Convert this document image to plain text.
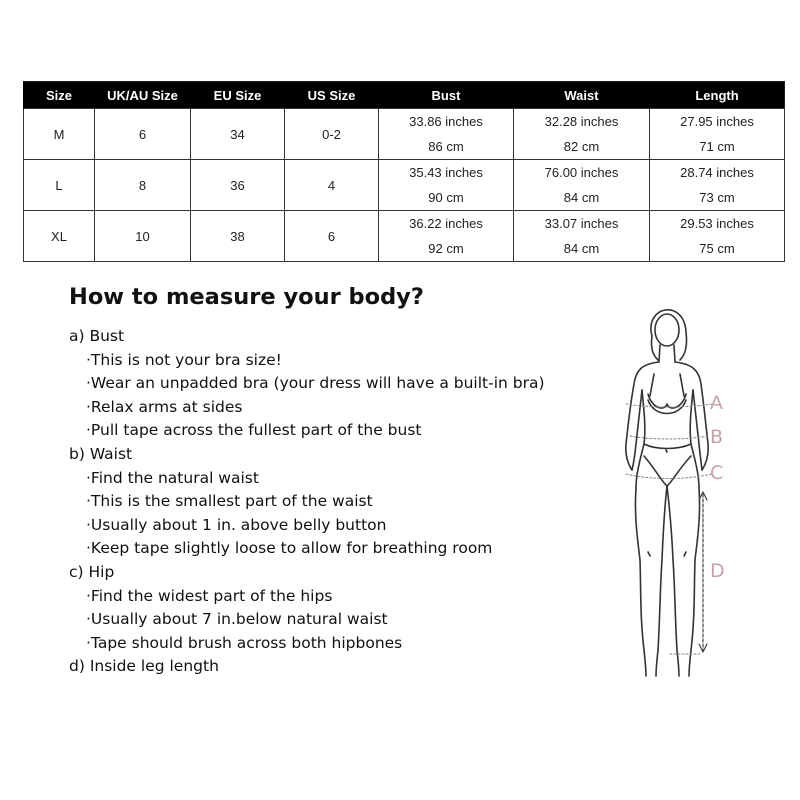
Size	UK/AU Size	EU Size	US Size	Bust	Waist	Length
M	6	34	0-2	33.86 inches	32.28 inches	27.95 inches
				86 cm	82 cm	71 cm
L	8	36	4	35.43 inches	76.00 inches	28.74 inches
				90 cm	84 cm	73 cm
XL	10	38	6	36.22 inches	33.07 inches	29.53 inches
				92 cm	84 cm	75 cm
How to measure your body?
a) Bust
·This is not your bra size!
·Wear an unpadded bra (your dress will have a built-in bra)
·Relax arms at sides
·Pull tape across the fullest part of the bust
b) Waist
·Find the natural waist
·This is the smallest part of the waist
·Usually about 1 in. above belly button
·Keep tape slightly loose to allow for breathing room
c) Hip
·Find the widest part of the hips
·Usually about 7 in.below natural waist
·Tape should brush across both hipbones
d) Inside leg length
A
B
C
D
